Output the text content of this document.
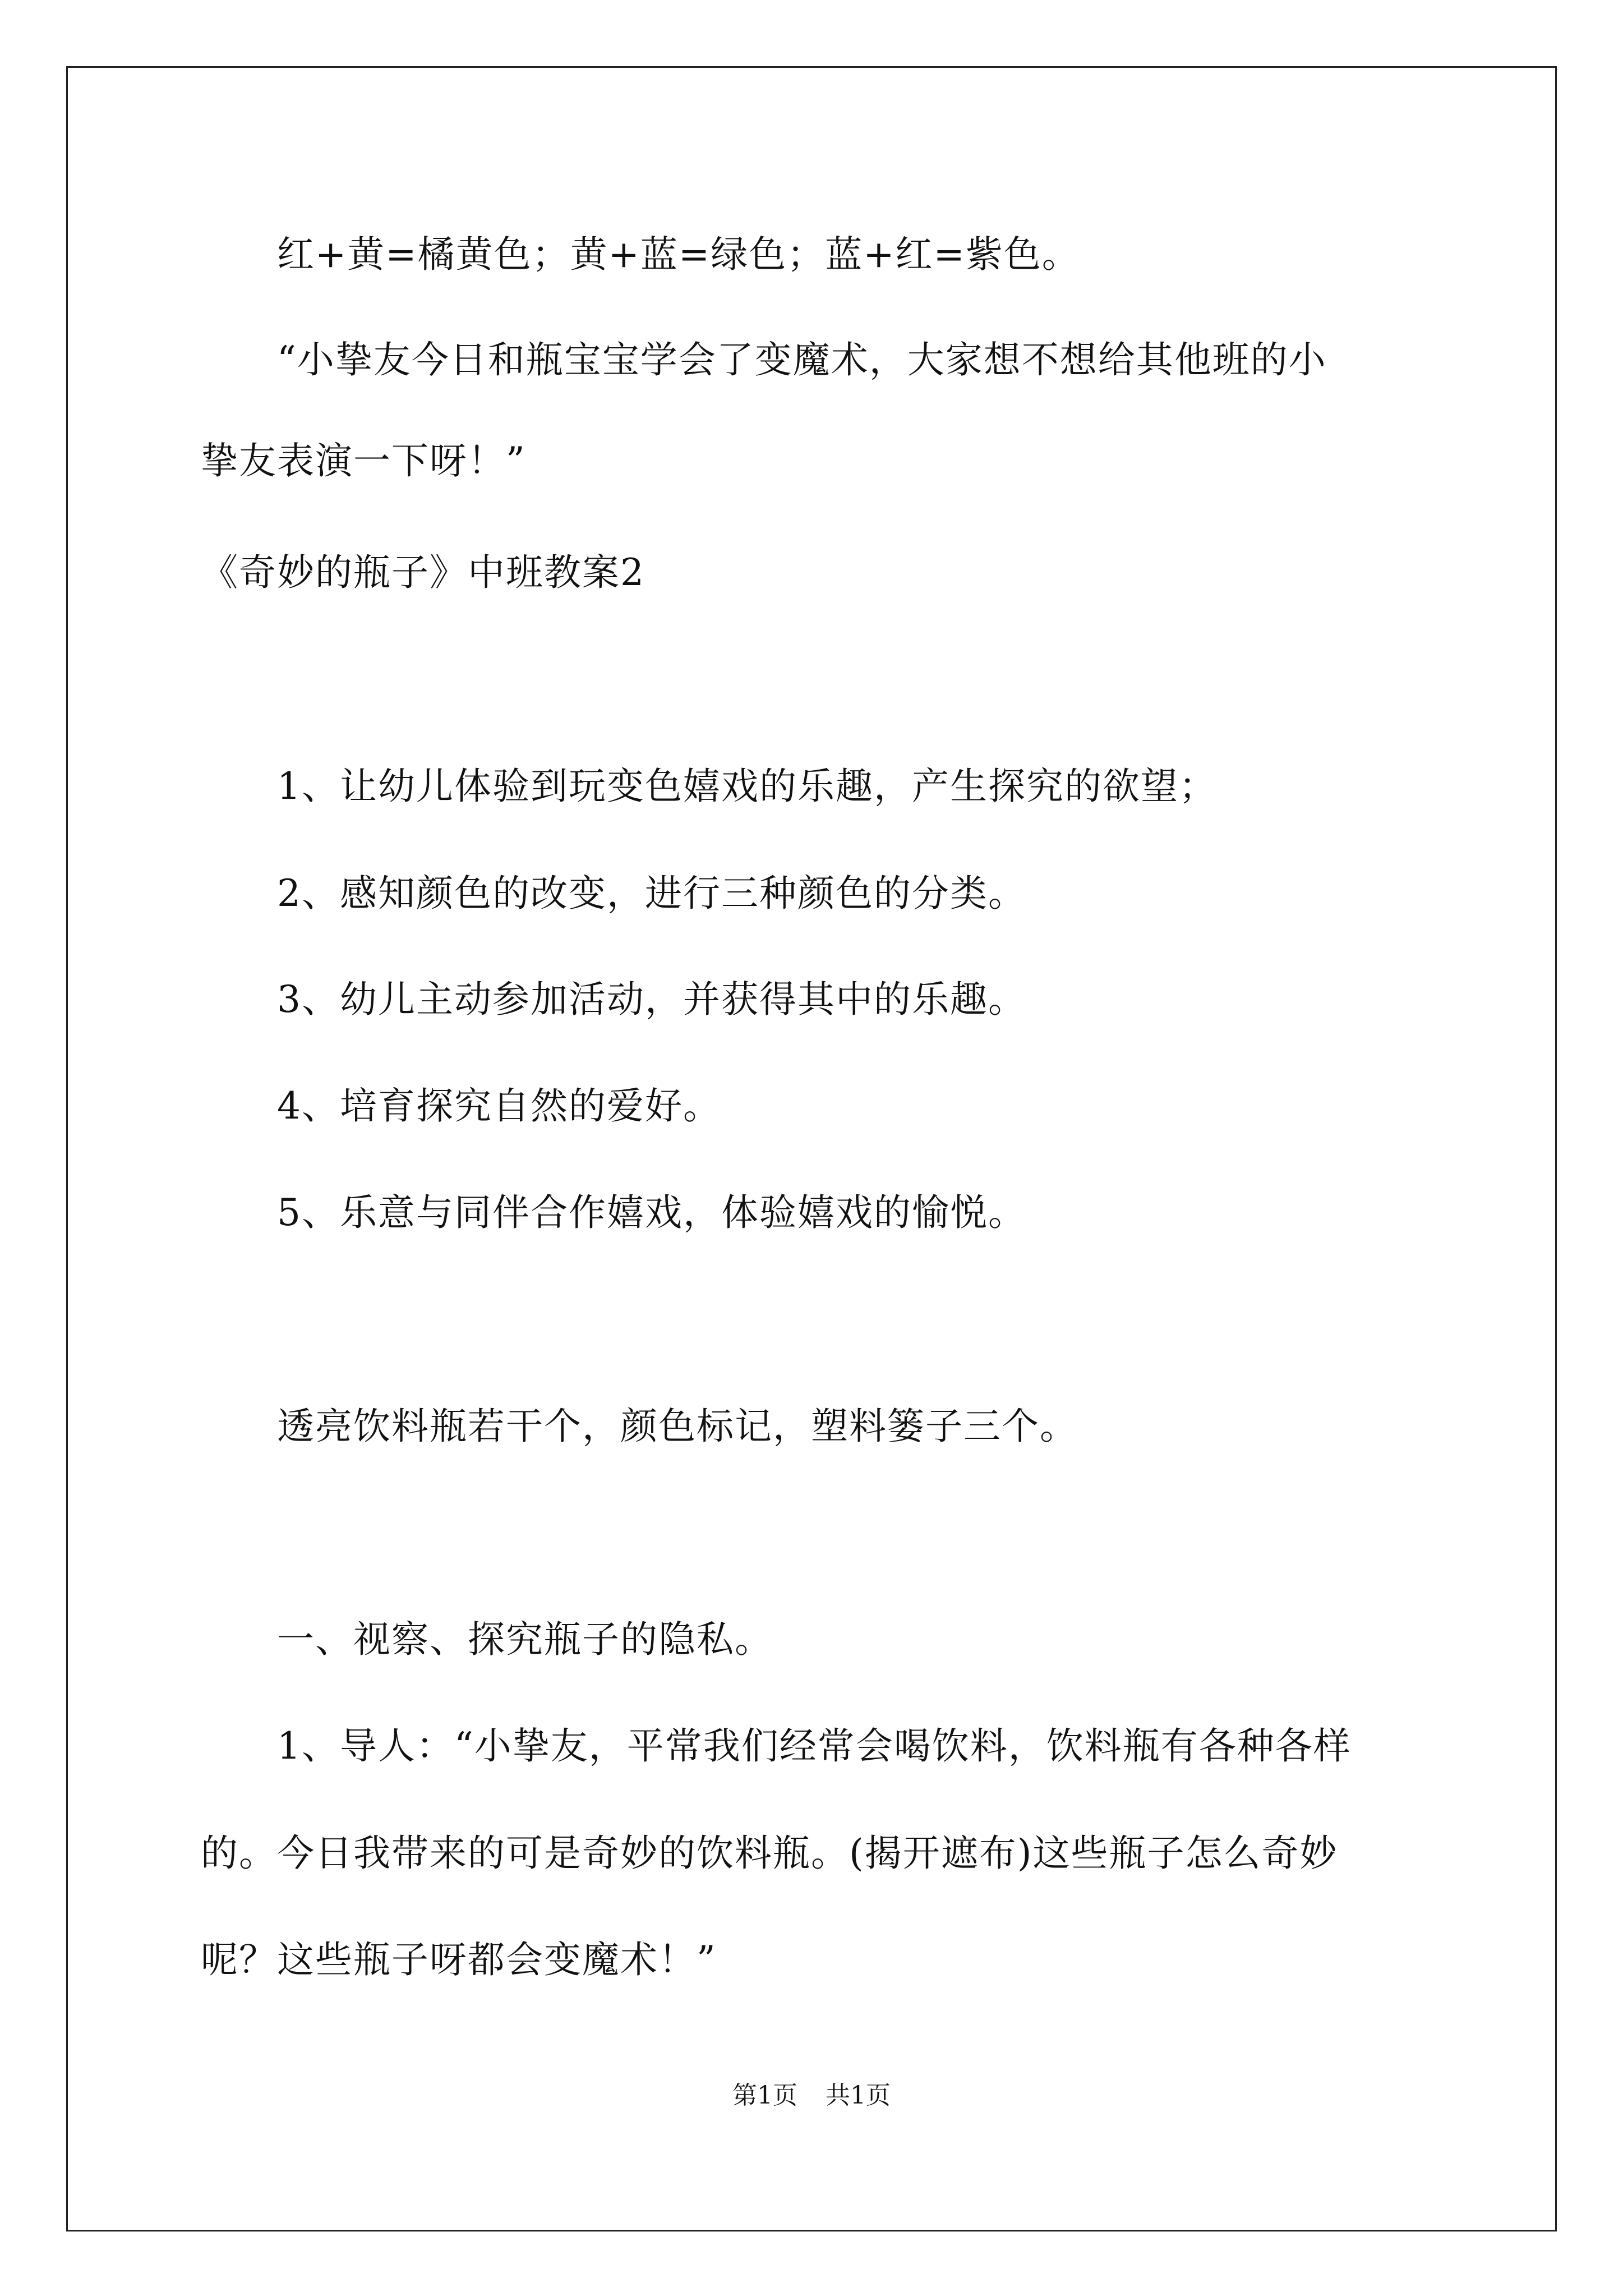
红+黄=橘黄色；黄+蓝=绿色；蓝+红=紫色。
“小挚友今日和瓶宝宝学会了变魔术，大家想不想给其他班的小
挚友表演一下呀！”
《奇妙的瓶子》中班教案2
1、让幼儿体验到玩变色嬉戏的乐趣，产生探究的欲望；
2、感知颜色的改变，进行三种颜色的分类。
3、幼儿主动参加活动，并获得其中的乐趣。
4、培育探究自然的爱好。
5、乐意与同伴合作嬉戏，体验嬉戏的愉悦。
透亮饮料瓶若干个，颜色标记，塑料篓子三个。
一、视察、探究瓶子的隐私。
1、导人：“小挚友，平常我们经常会喝饮料，饮料瓶有各种各样
的。今日我带来的可是奇妙的饮料瓶。(揭开遮布)这些瓶子怎么奇妙
呢？这些瓶子呀都会变魔术！”
第1页 共1页
